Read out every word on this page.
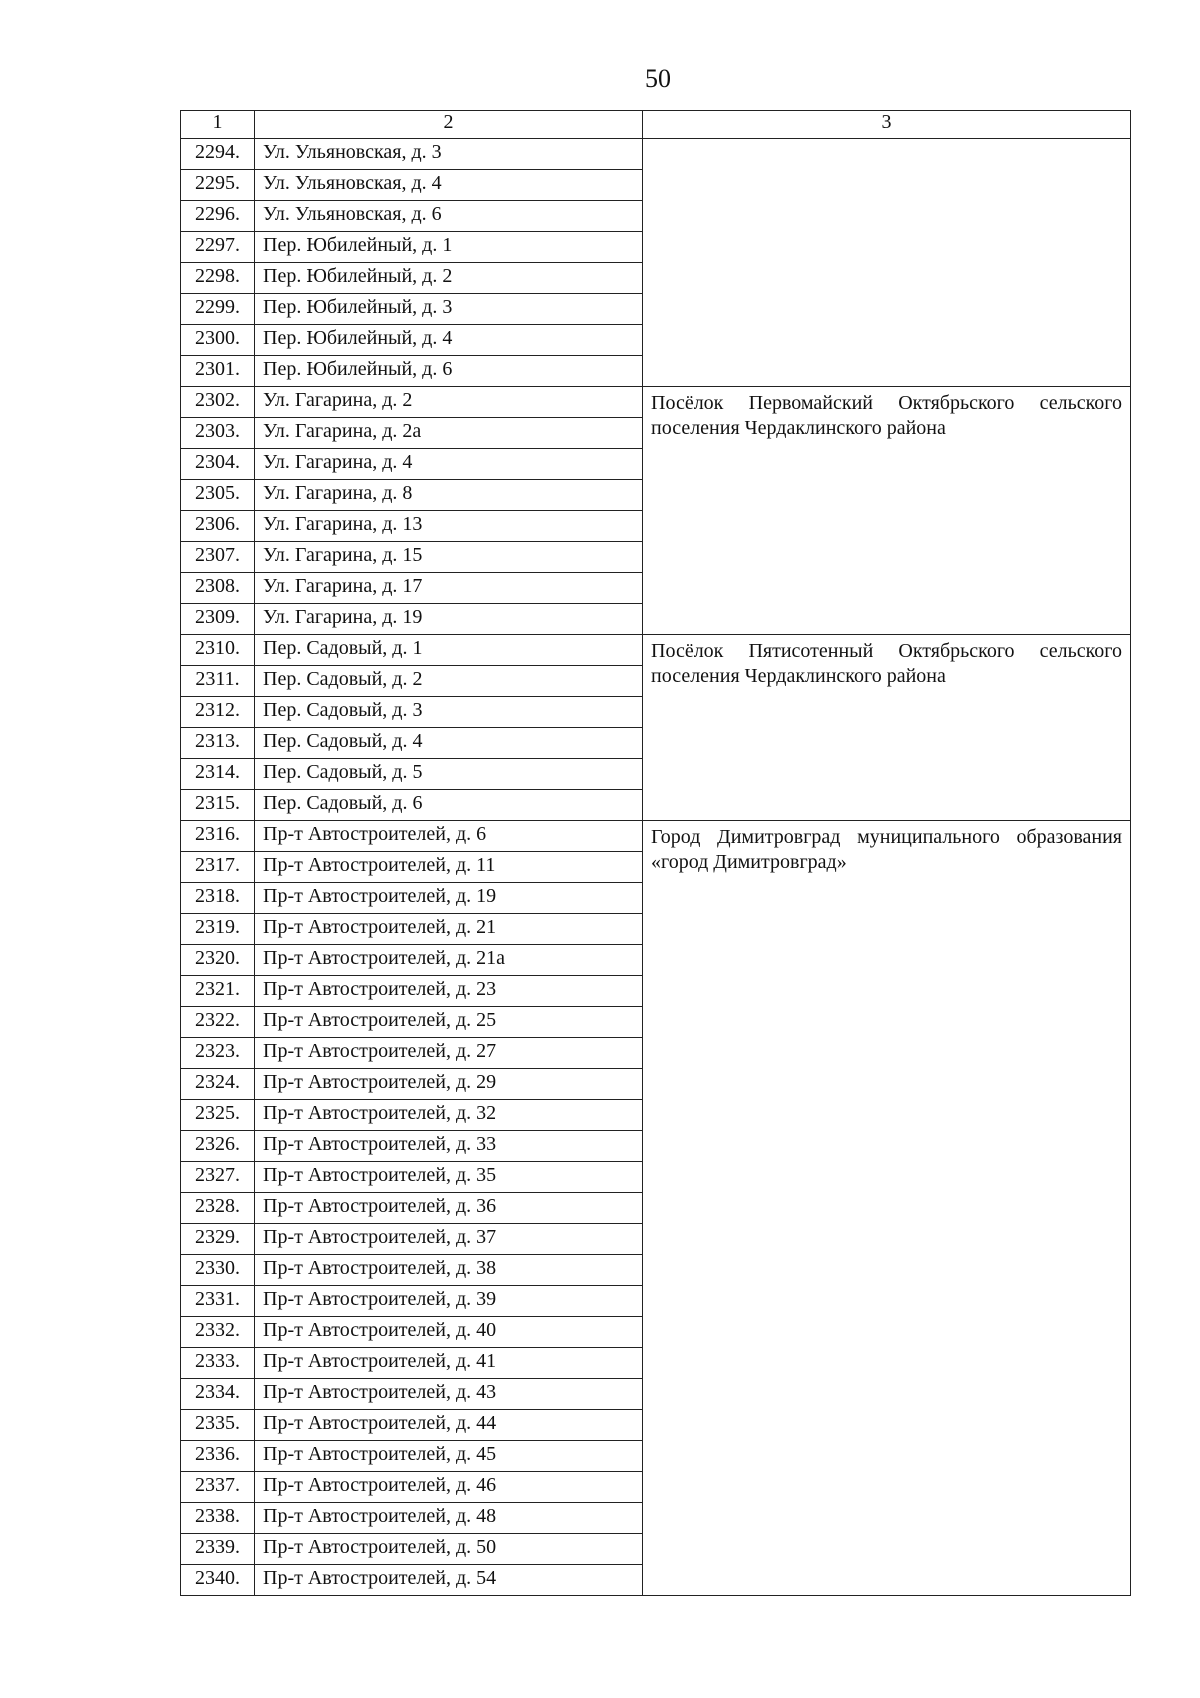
50
1	2	3
2294.	Ул. Ульяновская, д. 3	
2295.	Ул. Ульяновская, д. 4	
2296.	Ул. Ульяновская, д. 6	
2297.	Пер. Юбилейный, д. 1	
2298.	Пер. Юбилейный, д. 2	
2299.	Пер. Юбилейный, д. 3	
2300.	Пер. Юбилейный, д. 4	
2301.	Пер. Юбилейный, д. 6	
2302.	Ул. Гагарина, д. 2	Посёлок Первомайский Октябрьского сельского поселения Чердаклинского района
2303.	Ул. Гагарина, д. 2а	
2304.	Ул. Гагарина, д. 4	
2305.	Ул. Гагарина, д. 8	
2306.	Ул. Гагарина, д. 13	
2307.	Ул. Гагарина, д. 15	
2308.	Ул. Гагарина, д. 17	
2309.	Ул. Гагарина, д. 19	
2310.	Пер. Садовый, д. 1	Посёлок Пятисотенный Октябрьского сельского поселения Чердаклинского района
2311.	Пер. Садовый, д. 2	
2312.	Пер. Садовый, д. 3	
2313.	Пер. Садовый, д. 4	
2314.	Пер. Садовый, д. 5	
2315.	Пер. Садовый, д. 6	
2316.	Пр-т Автостроителей, д. 6	Город Димитровград муниципального образования «город Димитровград»
2317.	Пр-т Автостроителей, д. 11	
2318.	Пр-т Автостроителей, д. 19	
2319.	Пр-т Автостроителей, д. 21	
2320.	Пр-т Автостроителей, д. 21а	
2321.	Пр-т Автостроителей, д. 23	
2322.	Пр-т Автостроителей, д. 25	
2323.	Пр-т Автостроителей, д. 27	
2324.	Пр-т Автостроителей, д. 29	
2325.	Пр-т Автостроителей, д. 32	
2326.	Пр-т Автостроителей, д. 33	
2327.	Пр-т Автостроителей, д. 35	
2328.	Пр-т Автостроителей, д. 36	
2329.	Пр-т Автостроителей, д. 37	
2330.	Пр-т Автостроителей, д. 38	
2331.	Пр-т Автостроителей, д. 39	
2332.	Пр-т Автостроителей, д. 40	
2333.	Пр-т Автостроителей, д. 41	
2334.	Пр-т Автостроителей, д. 43	
2335.	Пр-т Автостроителей, д. 44	
2336.	Пр-т Автостроителей, д. 45	
2337.	Пр-т Автостроителей, д. 46	
2338.	Пр-т Автостроителей, д. 48	
2339.	Пр-т Автостроителей, д. 50	
2340.	Пр-т Автостроителей, д. 54	
